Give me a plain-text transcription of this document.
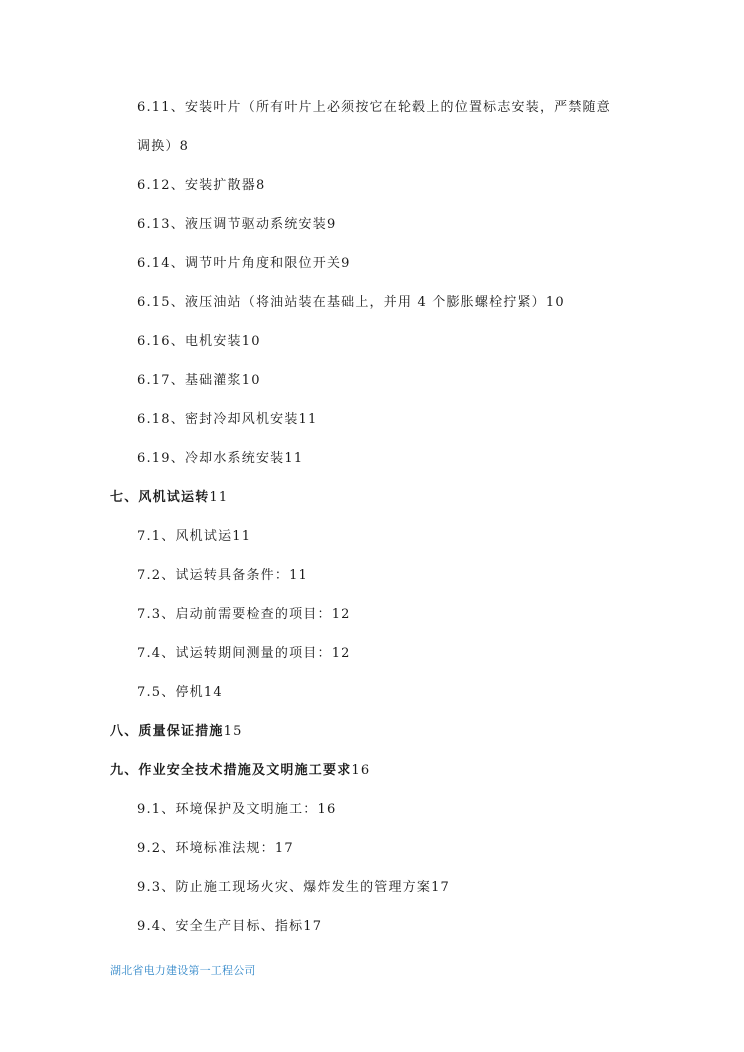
6.11、安装叶片（所有叶片上必须按它在轮毂上的位置标志安装，严禁随意
调换）8
6.12、安装扩散器8
6.13、液压调节驱动系统安装9
6.14、调节叶片角度和限位开关9
6.15、液压油站（将油站装在基础上，并用 4 个膨胀螺栓拧紧）10
6.16、电机安装10
6.17、基础灌浆10
6.18、密封冷却风机安装11
6.19、冷却水系统安装11
七、风机试运转11
7.1、风机试运11
7.2、试运转具备条件：11
7.3、启动前需要检查的项目：12
7.4、试运转期间测量的项目：12
7.5、停机14
八、质量保证措施15
九、作业安全技术措施及文明施工要求16
9.1、环境保护及文明施工：16
9.2、环境标准法规：17
9.3、防止施工现场火灾、爆炸发生的管理方案17
9.4、安全生产目标、指标17
湖北省电力建设第一工程公司
